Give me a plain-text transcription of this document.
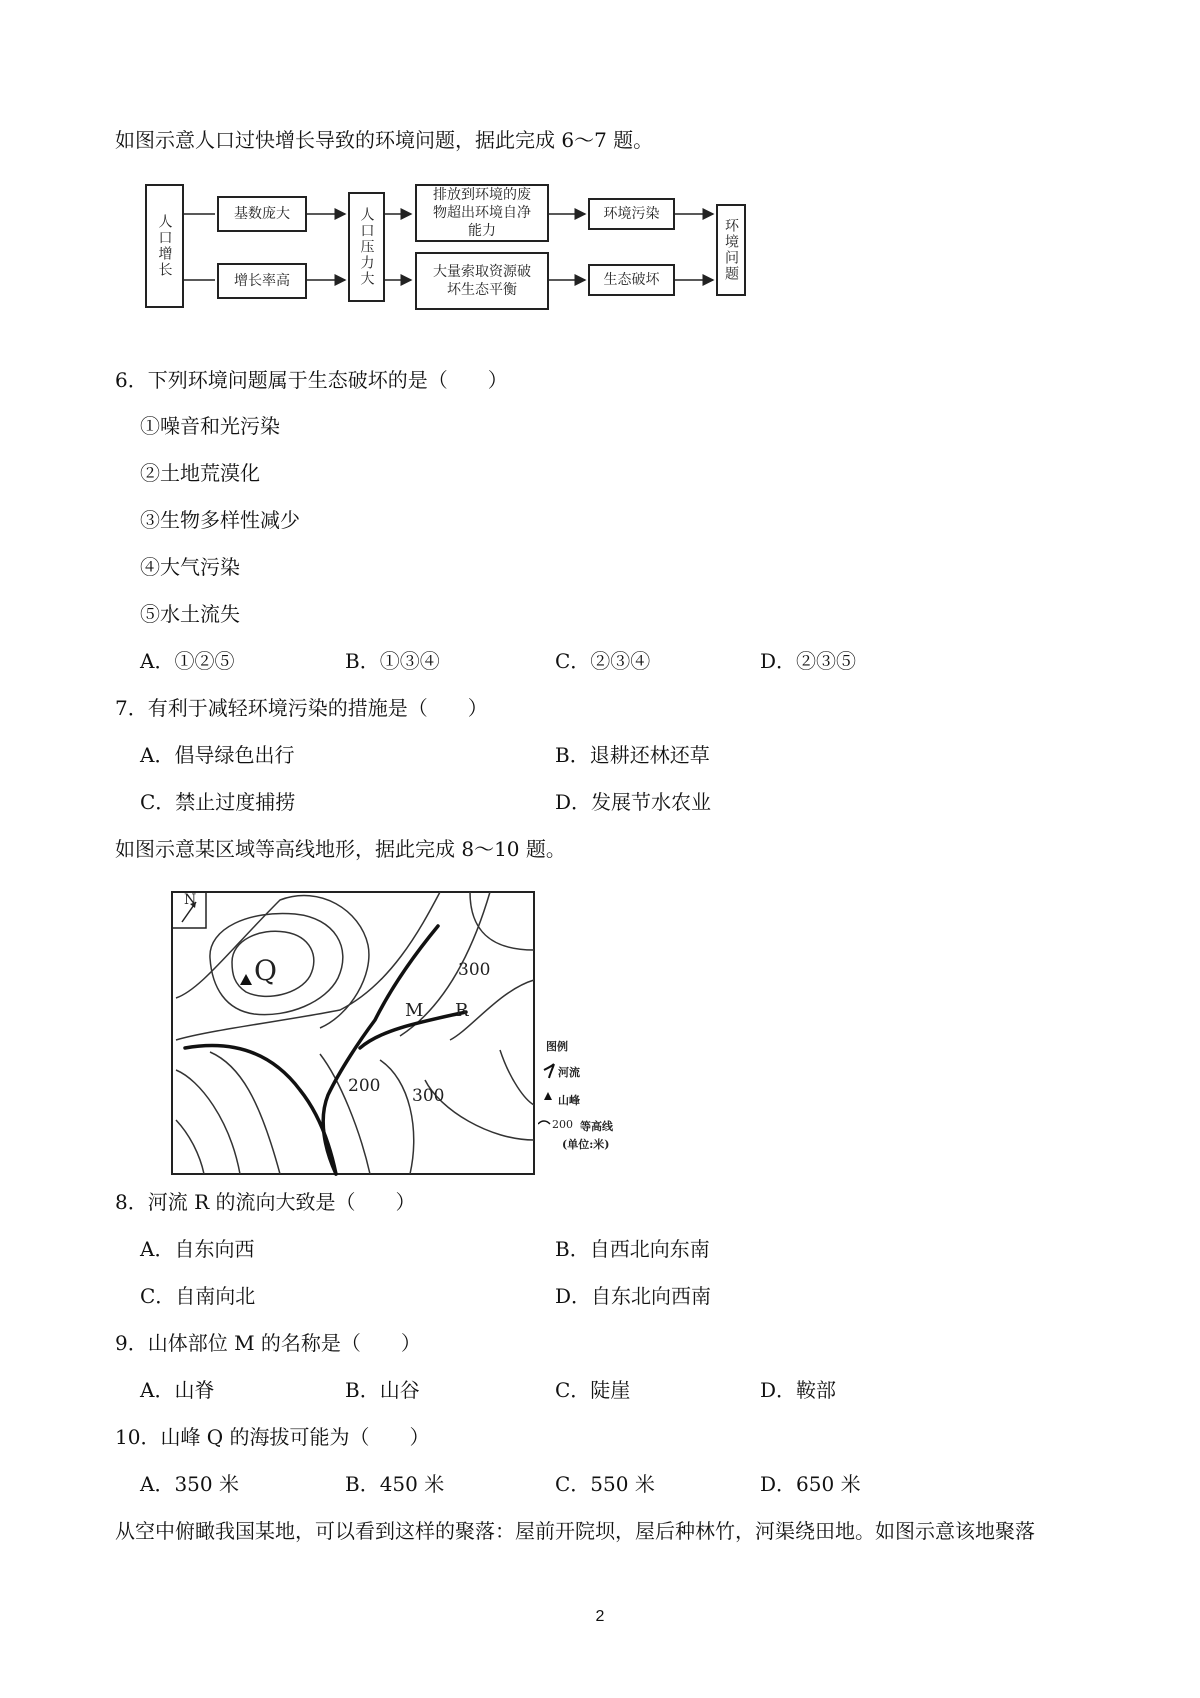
如图示意人口过快增长导致的环境问题，据此完成 6～7 题。
人口增长	基数庞大
增长率高	人口压力大
排放到环境的废物超出环境自净能力
大量索取资源破坏生态平衡
环境污染
生态破坏	环境问题
6．下列环境问题属于生态破坏的是（　　）
①噪音和光污染
②土地荒漠化
③生物多样性减少
④大气污染
⑤水土流失
A．①②⑤	B．①③④	C．②③④	D．②③⑤
7．有利于减轻环境污染的措施是（　　）
A．倡导绿色出行	B．退耕还林还草
C．禁止过度捕捞	D．发展节水农业
如图示意某区域等高线地形，据此完成 8～10 题。
N
Q
M R
300
200 300
图例
河流
山峰
200 等高线
(单位:米)
8．河流 R 的流向大致是（　　）
A．自东向西	B．自西北向东南
C．自南向北	D．自东北向西南
9．山体部位 M 的名称是（　　）
A．山脊	B．山谷	C．陡崖	D．鞍部
10．山峰 Q 的海拔可能为（　　）
A．350 米	B．450 米	C．550 米	D．650 米
从空中俯瞰我国某地，可以看到这样的聚落：屋前开院坝，屋后种林竹，河渠绕田地。如图示意该地聚落
2
